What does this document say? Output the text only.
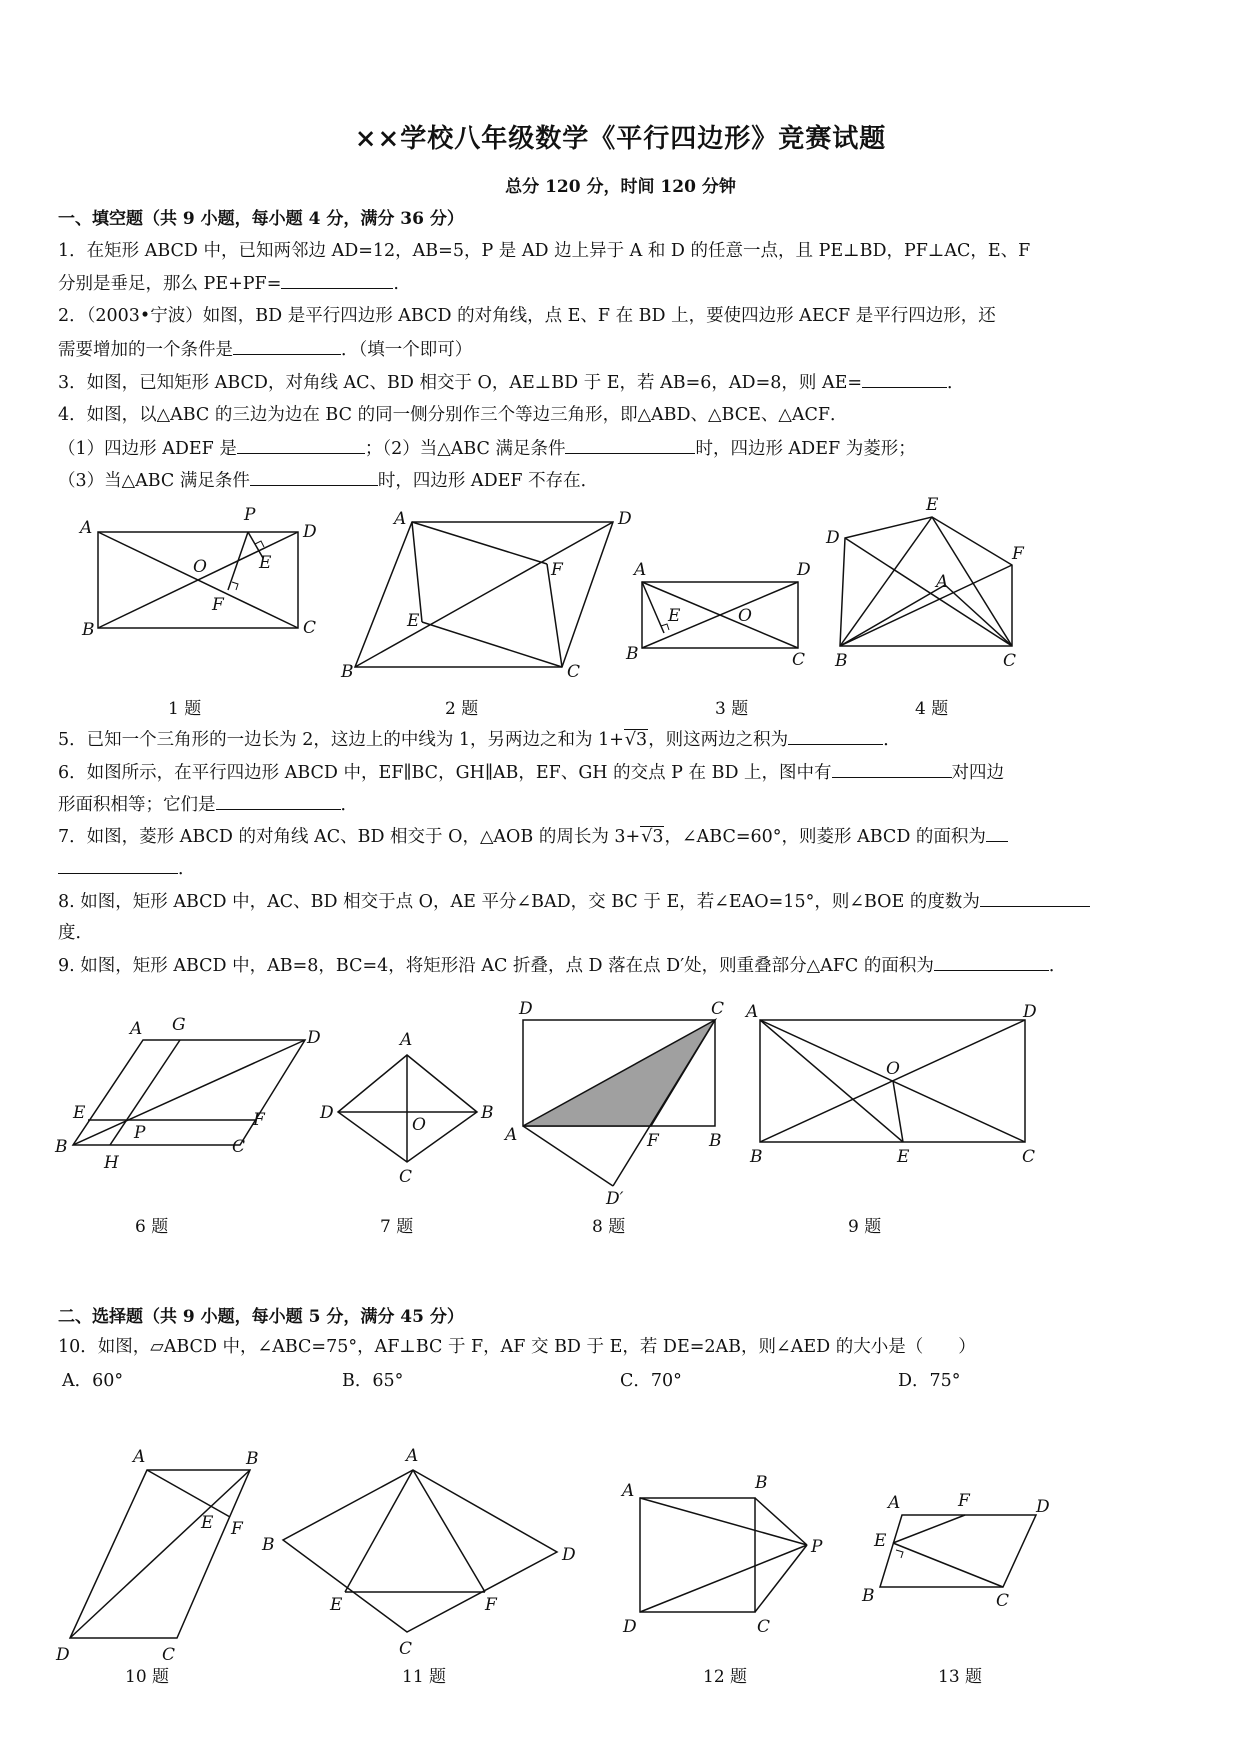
××学校八年级数学《平行四边形》竞赛试题
总分 120 分，时间 120 分钟
一、填空题（共 9 小题，每小题 4 分，满分 36 分）
1．在矩形 ABCD 中，已知两邻边 AD=12，AB=5，P 是 AD 边上异于 A 和 D 的任意一点，且 PE⊥BD，PF⊥AC，E、F
分别是垂足，那么 PE+PF=	.
2．（2003•宁波）如图，BD 是平行四边形 ABCD 的对角线，点 E、F 在 BD 上，要使四边形 AECF 是平行四边形，还
需要增加的一个条件是	．（填一个即可）
3．如图，已知矩形 ABCD，对角线 AC、BD 相交于 O，AE⊥BD 于 E，若 AB=6，AD=8，则 AE=	．
4．如图，以△ABC 的三边为边在 BC 的同一侧分别作三个等边三角形，即△ABD、△BCE、△ACF．
（1）四边形 ADEF 是	；（2）当△ABC 满足条件	时，四边形 ADEF 为菱形；
（3）当△ABC 满足条件	时，四边形 ADEF 不存在．
1 题	2 题	3 题	4 题
5．已知一个三角形的一边长为 2，这边上的中线为 1，另两边之和为 1+√3，则这两边之积为	．
6．如图所示，在平行四边形 ABCD 中，EF∥BC，GH∥AB，EF、GH 的交点 P 在 BD 上，图中有	对四边
形面积相等；它们是	．
7．如图，菱形 ABCD 的对角线 AC、BD 相交于 O，△AOB 的周长为 3+√3，∠ABC=60°，则菱形 ABCD 的面积为
．
8. 如图，矩形 ABCD 中，AC、BD 相交于点 O，AE 平分∠BAD，交 BC 于 E，若∠EAO=15°，则∠BOE 的度数为
度．
9. 如图，矩形 ABCD 中，AB=8，BC=4，将矩形沿 AC 折叠，点 D 落在点 D′处，则重叠部分△AFC 的面积为	．
6 题	7 题	8 题	9 题
二、选择题（共 9 小题，每小题 5 分，满分 45 分）
10．如图，▱ABCD 中，∠ABC=75°，AF⊥BC 于 F，AF 交 BD 于 E，若 DE=2AB，则∠AED 的大小是（　　）
A．60°	B．65°	C．70°	D．75°
10 题	11 题	12 题	13 题
A
P
D
E
O
F
B	C
A	D
F
E
B	C
A	D
E	O
B	C
E
D
F
A
B	C
A G
D
E
P
F
B
H
C
A
D
O
B
C
D	C
A	B
F
D′
A	D
O
B	E	C
A	B
E F
D	C
A
B	D
E	F
C
A	B
P
D	C
A	F	D
E
B	C
